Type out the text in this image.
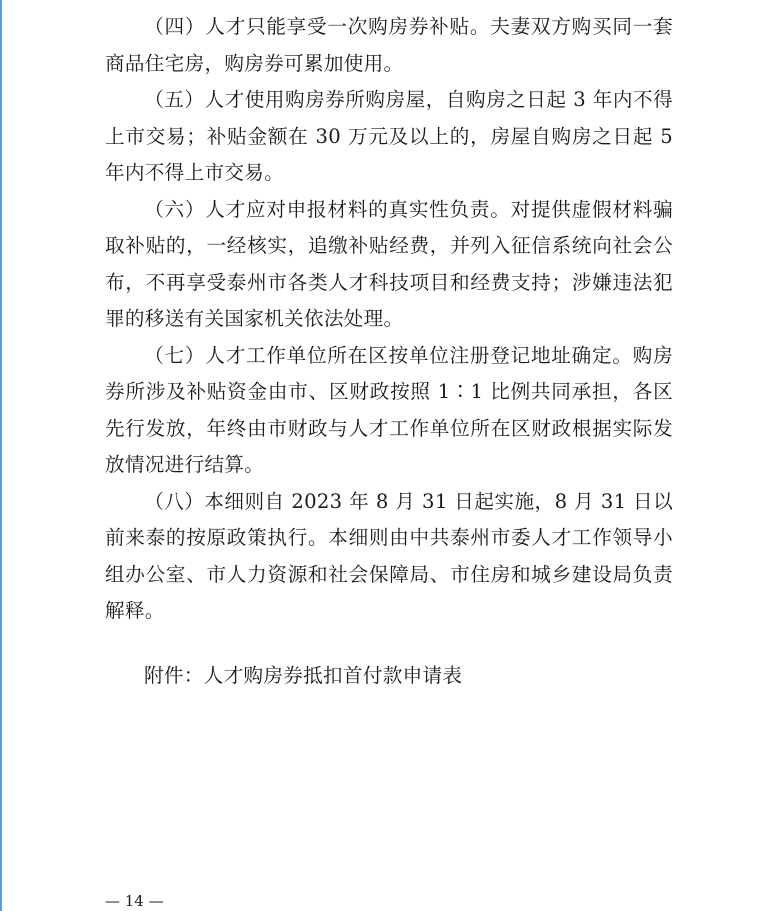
（四）人才只能享受一次购房券补贴。夫妻双方购买同一套商品住宅房，购房券可累加使用。

（五）人才使用购房券所购房屋，自购房之日起 3 年内不得上市交易；补贴金额在 30 万元及以上的，房屋自购房之日起 5 年内不得上市交易。

（六）人才应对申报材料的真实性负责。对提供虚假材料骗取补贴的，一经核实，追缴补贴经费，并列入征信系统向社会公布，不再享受泰州市各类人才科技项目和经费支持；涉嫌违法犯罪的移送有关国家机关依法处理。

（七）人才工作单位所在区按单位注册登记地址确定。购房券所涉及补贴资金由市、区财政按照 1∶1 比例共同承担，各区先行发放，年终由市财政与人才工作单位所在区财政根据实际发放情况进行结算。

（八）本细则自 2023 年 8 月 31 日起实施，8 月 31 日以前来泰的按原政策执行。本细则由中共泰州市委人才工作领导小组办公室、市人力资源和社会保障局、市住房和城乡建设局负责解释。

附件：人才购房券抵扣首付款申请表
— 14 —
